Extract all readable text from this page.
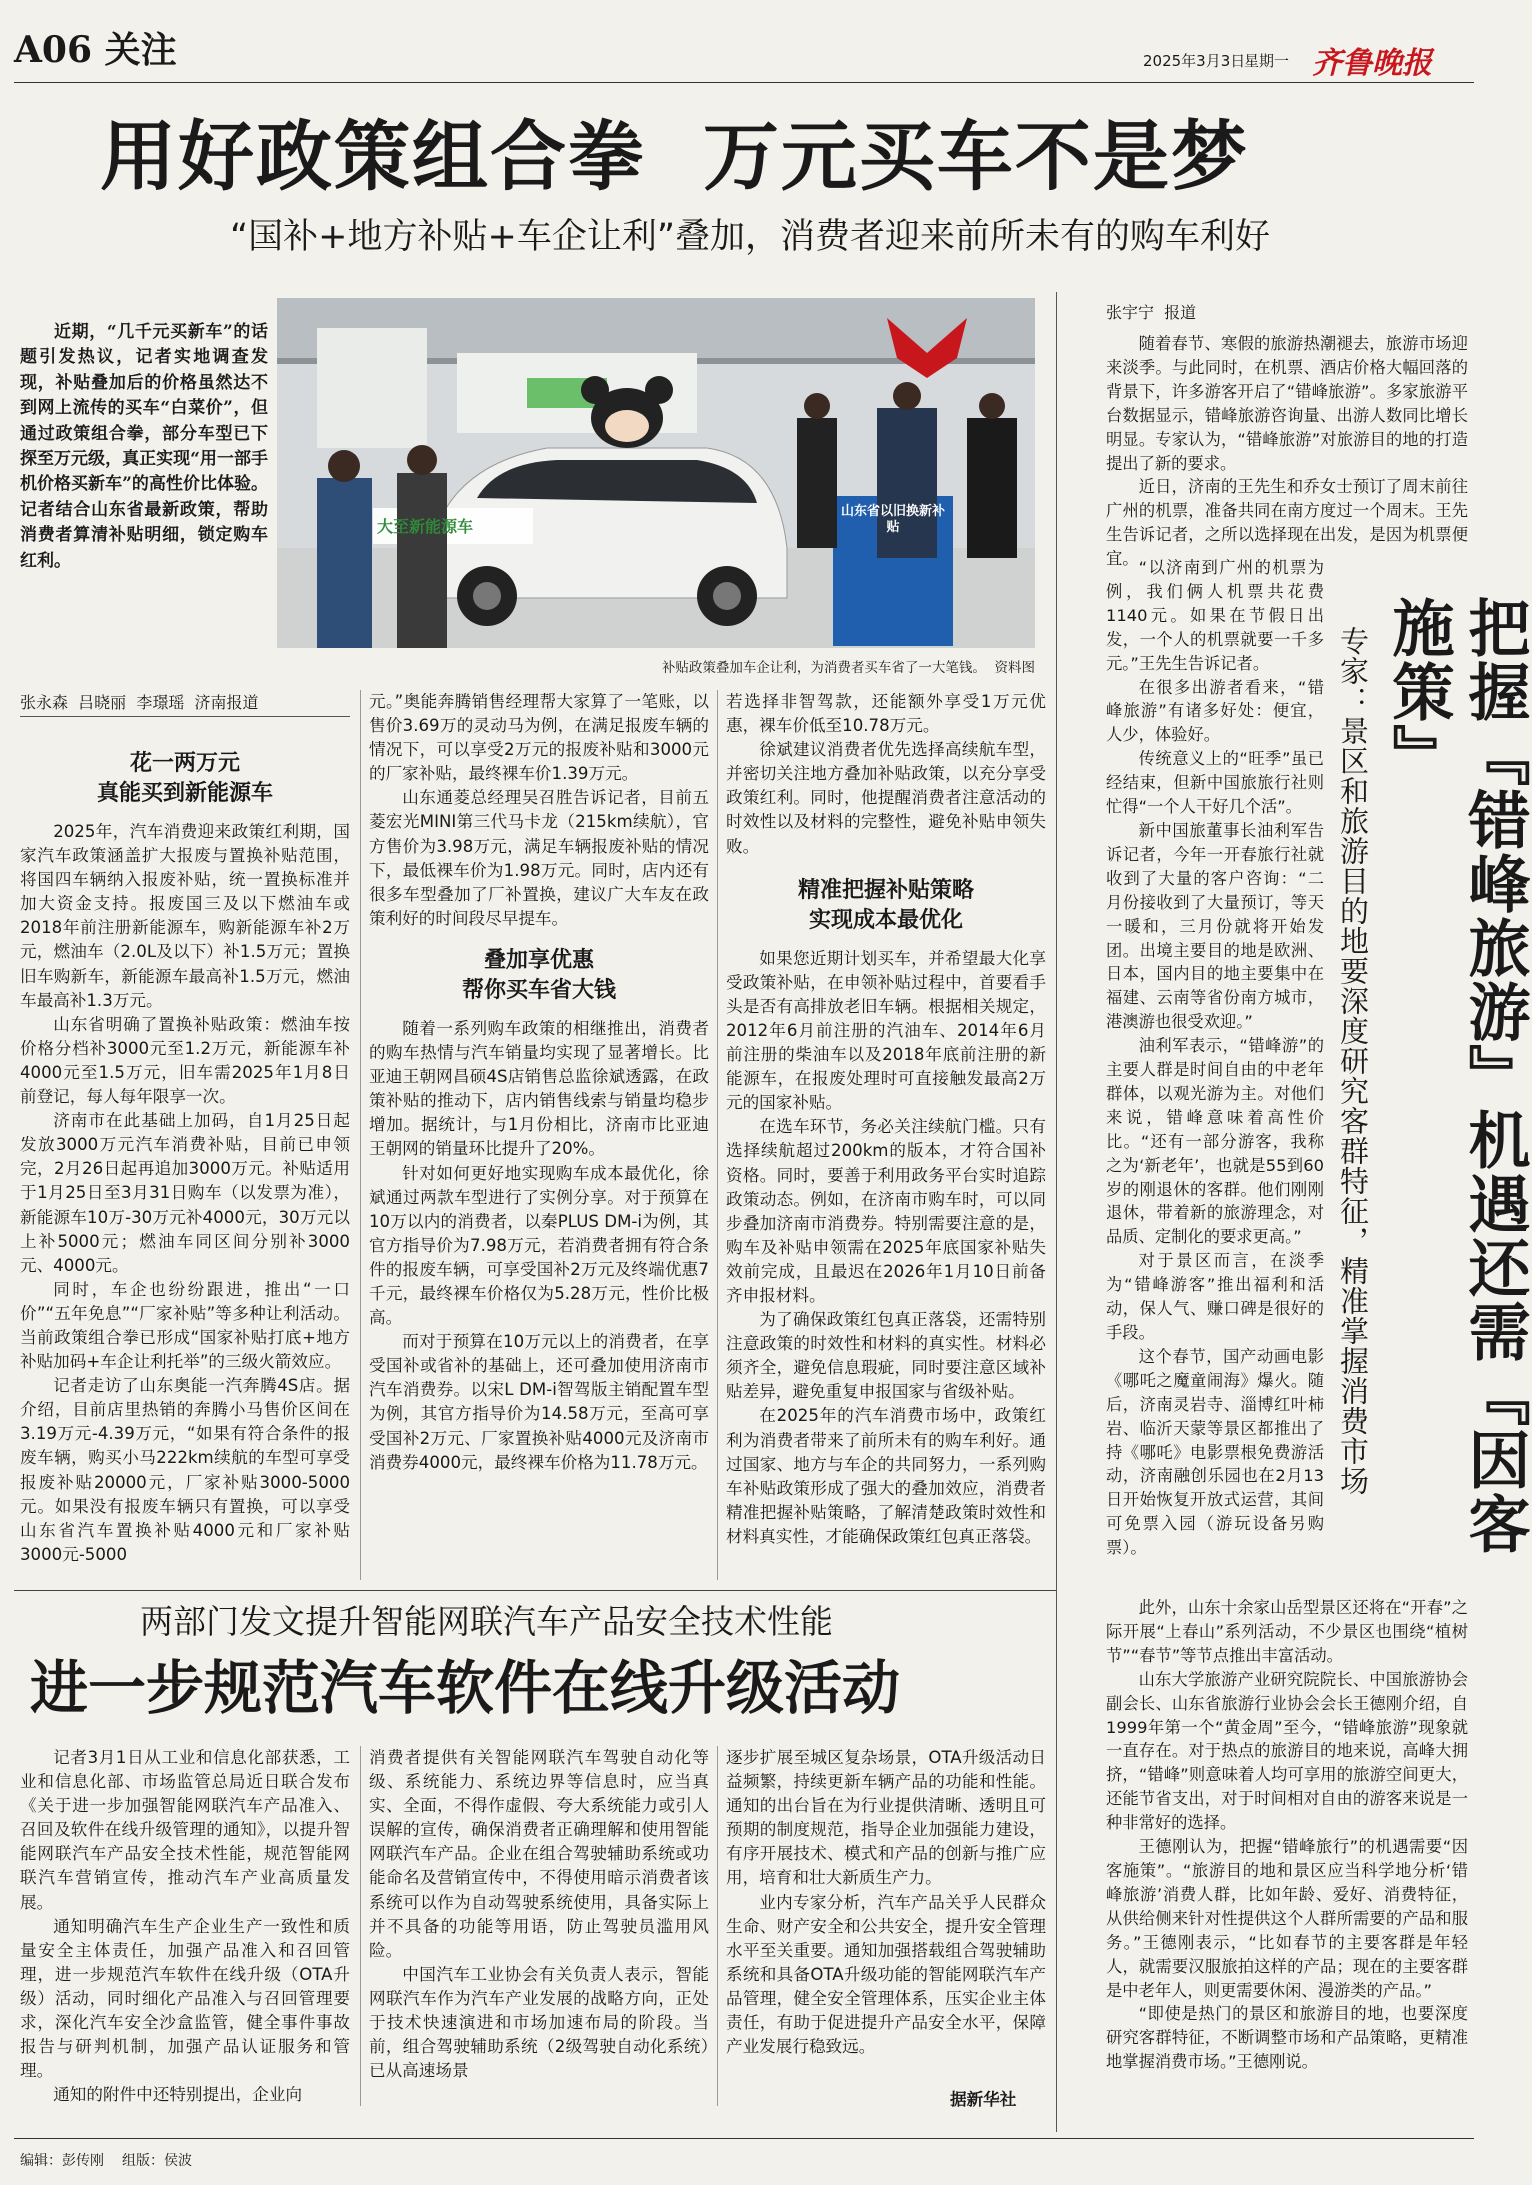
A06 关注	2025年3月3日
星期一 齐鲁晚报
用好政策组合拳  万元买车不是梦
“国补+地方补贴+车企让利”叠加，消费者迎来前所未有的购车利好

近期，“几千元买新车”的话题引发热议，记者实地调查发现，补贴叠加后的价格虽然达不到网上流传的买车“白菜价”，但通过政策组合拳，部分车型已下探至万元级，真正实现“用一部手机价格买新车”的高性价比体验。记者结合山东省最新政策，帮助消费者算清补贴明细，锁定购车红利。

山东省以旧换新补贴
大至新能源车
补贴政策叠加车企让利，为消费者买车省了一大笔钱。  资料图
张永森  吕晓丽  李璟瑶  济南报道
花一两万元
真能买到新能源车

2025年，汽车消费迎来政策红利期，国家汽车政策涵盖扩大报废与置换补贴范围，将国四车辆纳入报废补贴，统一置换标准并加大资金支持。报废国三及以下燃油车或2018年前注册新能源车，购新能源车补2万元，燃油车（2.0L及以下）补1.5万元；置换旧车购新车，新能源车最高补1.5万元，燃油车最高补1.3万元。

山东省明确了置换补贴政策：燃油车按价格分档补3000元至1.2万元，新能源车补4000元至1.5万元，旧车需2025年1月8日前登记，每人每年限享一次。

济南市在此基础上加码，自1月25日起发放3000万元汽车消费补贴，目前已申领完，2月26日起再追加3000万元。补贴适用于1月25日至3月31日购车（以发票为准），新能源车10万-30万元补4000元，30万元以上补5000元；燃油车同区间分别补3000元、4000元。

同时，车企也纷纷跟进，推出“一口价”“五年免息”“厂家补贴”等多种让利活动。当前政策组合拳已形成“国家补贴打底+地方补贴加码+车企让利托举”的三级火箭效应。

记者走访了山东奥能一汽奔腾4S店。据介绍，目前店里热销的奔腾小马售价区间在3.19万元-4.39万元，“如果有符合条件的报废车辆，购买小马222km续航的车型可享受报废补贴20000元，厂家补贴3000-5000元。如果没有报废车辆只有置换，可以享受山东省汽车置换补贴4000元和厂家补贴3000元-5000

元。”奥能奔腾销售经理帮大家算了一笔账，以售价3.69万的灵动马为例，在满足报废车辆的情况下，可以享受2万元的报废补贴和3000元的厂家补贴，最终裸车价1.39万元。

山东通菱总经理吴召胜告诉记者，目前五菱宏光MINI第三代马卡龙（215km续航），官方售价为3.98万元，满足车辆报废补贴的情况下，最低裸车价为1.98万元。同时，店内还有很多车型叠加了厂补置换，建议广大车友在政策利好的时间段尽早提车。

叠加享优惠
帮你买车省大钱

随着一系列购车政策的相继推出，消费者的购车热情与汽车销量均实现了显著增长。比亚迪王朝网昌硕4S店销售总监徐斌透露，在政策补贴的推动下，店内销售线索与销量均稳步增加。据统计，与1月份相比，济南市比亚迪王朝网的销量环比提升了20%。

针对如何更好地实现购车成本最优化，徐斌通过两款车型进行了实例分享。对于预算在10万以内的消费者，以秦PLUS DM-i为例，其官方指导价为7.98万元，若消费者拥有符合条件的报废车辆，可享受国补2万元及终端优惠7千元，最终裸车价格仅为5.28万元，性价比极高。

而对于预算在10万元以上的消费者，在享受国补或省补的基础上，还可叠加使用济南市汽车消费券。以宋L DM-i智驾版主销配置车型为例，其官方指导价为14.58万元，至高可享受国补2万元、厂家置换补贴4000元及济南市消费券4000元，最终裸车价格为11.78万元。

若选择非智驾款，还能额外享受1万元优惠，裸车价低至10.78万元。

徐斌建议消费者优先选择高续航车型，并密切关注地方叠加补贴政策，以充分享受政策红利。同时，他提醒消费者注意活动的时效性以及材料的完整性，避免补贴申领失败。

精准把握补贴策略
实现成本最优化

如果您近期计划买车，并希望最大化享受政策补贴，在申领补贴过程中，首要看手头是否有高排放老旧车辆。根据相关规定，2012年6月前注册的汽油车、2014年6月前注册的柴油车以及2018年底前注册的新能源车，在报废处理时可直接触发最高2万元的国家补贴。

在选车环节，务必关注续航门槛。只有选择续航超过200km的版本，才符合国补资格。同时，要善于利用政务平台实时追踪政策动态。例如，在济南市购车时，可以同步叠加济南市消费券。特别需要注意的是，购车及补贴申领需在2025年底国家补贴失效前完成，且最迟在2026年1月10日前备齐申报材料。

为了确保政策红包真正落袋，还需特别注意政策的时效性和材料的真实性。材料必须齐全，避免信息瑕疵，同时要注意区域补贴差异，避免重复申报国家与省级补贴。

在2025年的汽车消费市场中，政策红利为消费者带来了前所未有的购车利好。通过国家、地方与车企的共同努力，一系列购车补贴政策形成了强大的叠加效应，消费者精准把握补贴策略，了解清楚政策时效性和材料真实性，才能确保政策红包真正落袋。

张宇宁  报道

随着春节、寒假的旅游热潮褪去，旅游市场迎来淡季。与此同时，在机票、酒店价格大幅回落的背景下，许多游客开启了“错峰旅游”。多家旅游平台数据显示，错峰旅游咨询量、出游人数同比增长明显。专家认为，“错峰旅游”对旅游目的地的打造提出了新的要求。

近日，济南的王先生和乔女士预订了周末前往广州的机票，准备共同在南方度过一个周末。王先生告诉记者，之所以选择现在出发，是因为机票便宜。 “以济南到广州的机票为例，我们俩人机票共花费1140元。如果在节假日出发，一个人的机票就要一千多元。”王先生告诉记者。

在很多出游者看来，“错峰旅游”有诸多好处：便宜，人少，体验好。

传统意义上的“旺季”虽已经结束，但新中国旅旅行社则忙得“一个人干好几个活”。

新中国旅董事长油利军告诉记者，今年一开春旅行社就收到了大量的客户咨询：“二月份接收到了大量预订，等天一暖和，三月份就将开始发团。出境主要目的地是欧洲、日本，国内目的地主要集中在福建、云南等省份南方城市，港澳游也很受欢迎。”

油利军表示，“错峰游”的主要人群是时间自由的中老年群体，以观光游为主。对他们来说，错峰意味着高性价比。“还有一部分游客，我称之为‘新老年’，也就是55到60岁的刚退休的客群。他们刚刚退休，带着新的旅游理念，对品质、定制化的要求更高。”

对于景区而言，在淡季为“错峰游客”推出福利和活动，保人气、赚口碑是很好的手段。

这个春节，国产动画电影《哪吒之魔童闹海》爆火。随后，济南灵岩寺、淄博红叶柿岩、临沂天蒙等景区都推出了持《哪吒》电影票根免费游活动，济南融创乐园也在2月13日开始恢复开放式运营，其间可免票入园（游玩设备另购票）。	把握『错峰旅游』机遇还需『因客施策』
专家：景区和旅游目的地要深度研究客群特征，精准掌握消费市场

此外，山东十余家山岳型景区还将在“开春”之际开展“上春山”系列活动，不少景区也围绕“植树节”“春节”等节点推出丰富活动。

山东大学旅游产业研究院院长、中国旅游协会副会长、山东省旅游行业协会会长王德刚介绍，自1999年第一个“黄金周”至今，“错峰旅游”现象就一直存在。对于热点的旅游目的地来说，高峰大拥挤，“错峰”则意味着人均可享用的旅游空间更大，还能节省支出，对于时间相对自由的游客来说是一种非常好的选择。

王德刚认为，把握“错峰旅行”的机遇需要“因客施策”。“旅游目的地和景区应当科学地分析‘错峰旅游’消费人群，比如年龄、爱好、消费特征，从供给侧来针对性提供这个人群所需要的产品和服务。”王德刚表示，“比如春节的主要客群是年轻人，就需要汉服旅拍这样的产品；现在的主要客群是中老年人，则更需要休闲、漫游类的产品。”

“即使是热门的景区和旅游目的地，也要深度研究客群特征，不断调整市场和产品策略，更精准地掌握消费市场。”王德刚说。

两部门发文提升智能网联汽车产品安全技术性能
进一步规范汽车软件在线升级活动

记者3月1日从工业和信息化部获悉，工业和信息化部、市场监管总局近日联合发布《关于进一步加强智能网联汽车产品准入、召回及软件在线升级管理的通知》，以提升智能网联汽车产品安全技术性能，规范智能网联汽车营销宣传，推动汽车产业高质量发展。

通知明确汽车生产企业生产一致性和质量安全主体责任，加强产品准入和召回管理，进一步规范汽车软件在线升级（OTA升级）活动，同时细化产品准入与召回管理要求，深化汽车安全沙盒监管，健全事件事故报告与研判机制，加强产品认证服务和管理。

通知的附件中还特别提出，企业向

消费者提供有关智能网联汽车驾驶自动化等级、系统能力、系统边界等信息时，应当真实、全面，不得作虚假、夸大系统能力或引人误解的宣传，确保消费者正确理解和使用智能网联汽车产品。企业在组合驾驶辅助系统或功能命名及营销宣传中，不得使用暗示消费者该系统可以作为自动驾驶系统使用，具备实际上并不具备的功能等用语，防止驾驶员滥用风险。

中国汽车工业协会有关负责人表示，智能网联汽车作为汽车产业发展的战略方向，正处于技术快速演进和市场加速布局的阶段。当前，组合驾驶辅助系统（2级驾驶自动化系统）已从高速场景

逐步扩展至城区复杂场景，OTA升级活动日益频繁，持续更新车辆产品的功能和性能。通知的出台旨在为行业提供清晰、透明且可预期的制度规范，指导企业加强能力建设，有序开展技术、模式和产品的创新与推广应用，培育和壮大新质生产力。

业内专家分析，汽车产品关乎人民群众生命、财产安全和公共安全，提升安全管理水平至关重要。通知加强搭载组合驾驶辅助系统和具备OTA升级功能的智能网联汽车产品管理，健全安全管理体系，压实企业主体责任，有助于促进提升产品安全水平，保障产业发展行稳致远。

据新华社
编辑：彭传刚 组版：侯波
